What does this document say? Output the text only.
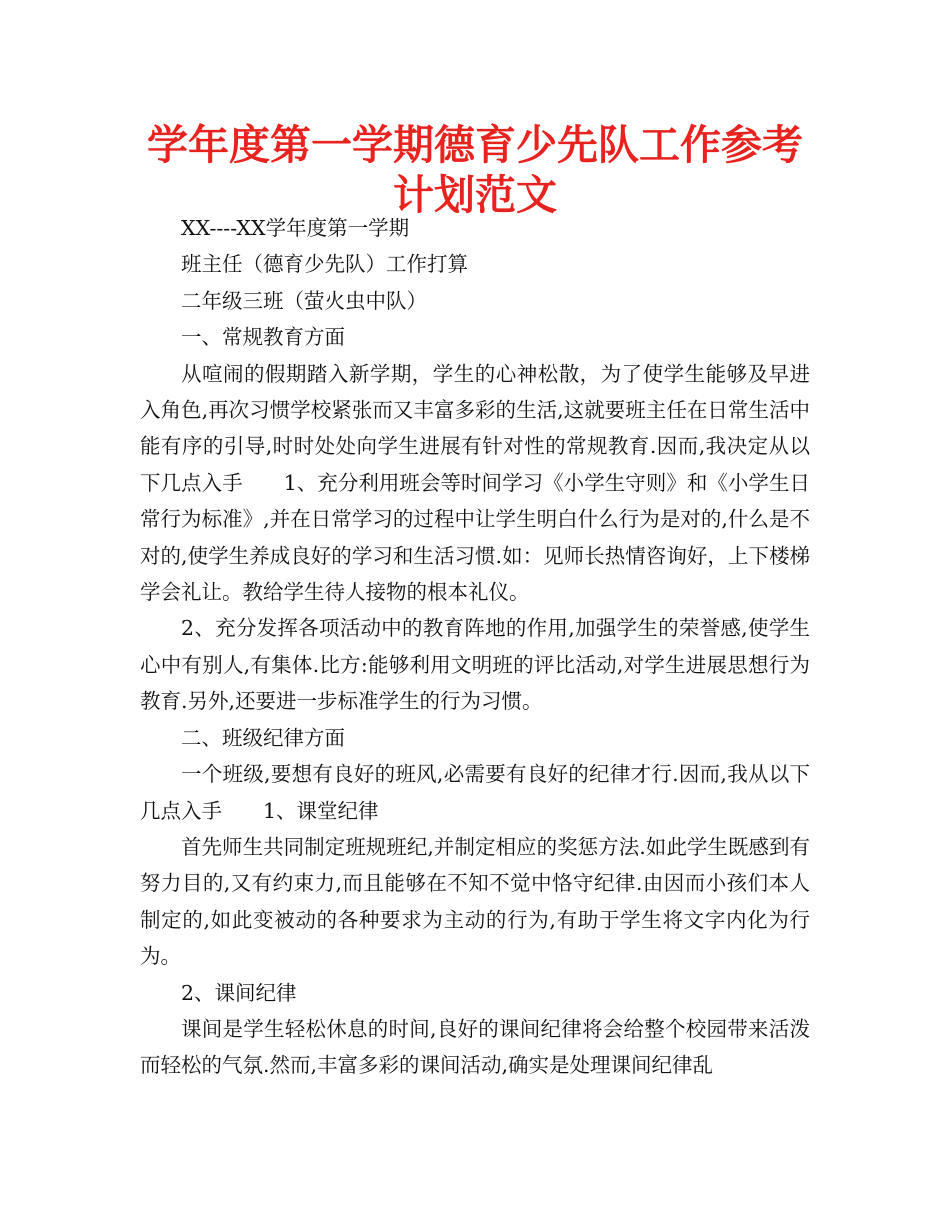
学年度第一学期德育少先队工作参考计划范文

XX----XX学年度第一学期

班主任（德育少先队）工作打算

二年级三班（萤火虫中队）

一、常规教育方面

从喧闹的假期踏入新学期，学生的心神松散，为了使学生能够及早进入角色,再次习惯学校紧张而又丰富多彩的生活,这就要班主任在日常生活中能有序的引导,时时处处向学生进展有针对性的常规教育.因而,我决定从以下几点入手　　1、充分利用班会等时间学习《小学生守则》和《小学生日常行为标准》,并在日常学习的过程中让学生明白什么行为是对的,什么是不对的,使学生养成良好的学习和生活习惯.如：见师长热情咨询好，上下楼梯学会礼让。教给学生待人接物的根本礼仪。

2、充分发挥各项活动中的教育阵地的作用,加强学生的荣誉感,使学生心中有别人,有集体.比方:能够利用文明班的评比活动,对学生进展思想行为教育.另外,还要进一步标准学生的行为习惯。

二、班级纪律方面

一个班级,要想有良好的班风,必需要有良好的纪律才行.因而,我从以下几点入手　　1、课堂纪律

首先师生共同制定班规班纪,并制定相应的奖惩方法.如此学生既感到有努力目的,又有约束力,而且能够在不知不觉中恪守纪律.由因而小孩们本人制定的,如此变被动的各种要求为主动的行为,有助于学生将文字内化为行为。

2、课间纪律

课间是学生轻松休息的时间,良好的课间纪律将会给整个校园带来活泼而轻松的气氛.然而,丰富多彩的课间活动,确实是处理课间纪律乱
